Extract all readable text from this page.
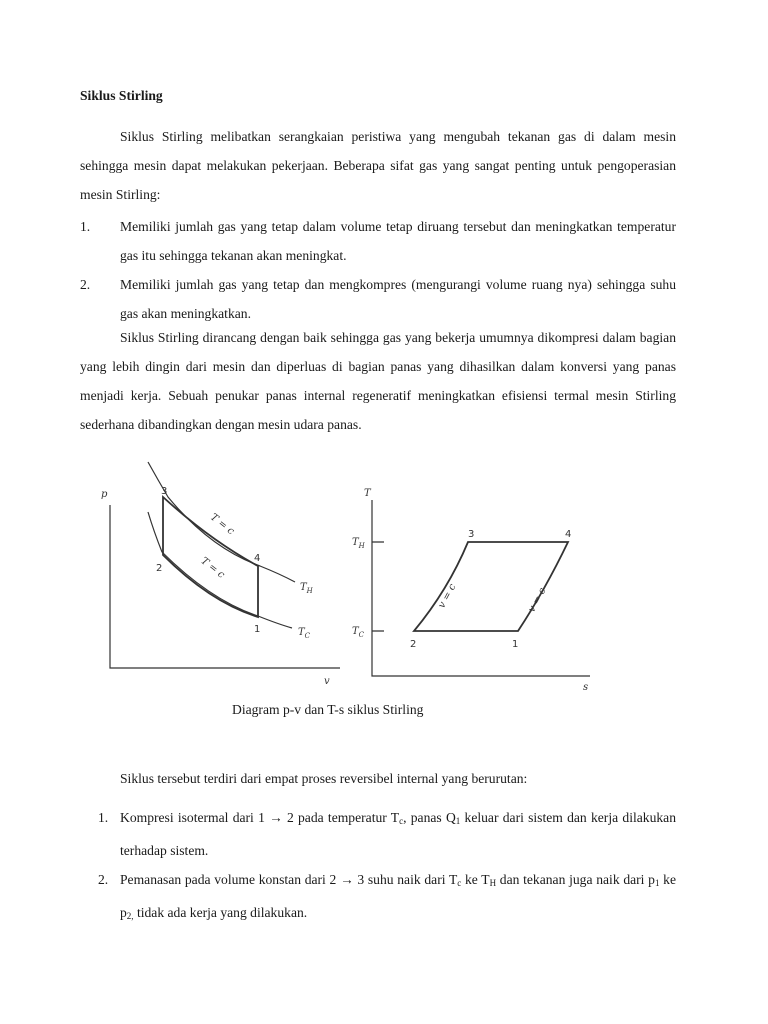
Siklus Stirling

Siklus Stirling melibatkan serangkaian peristiwa yang mengubah tekanan gas di dalam mesin sehingga mesin dapat melakukan pekerjaan. Beberapa sifat gas yang sangat penting untuk pengoperasian mesin Stirling:

1. Memiliki jumlah gas yang tetap dalam volume tetap diruang tersebut dan meningkatkan temperatur gas itu sehingga tekanan akan meningkat.
2. Memiliki jumlah gas yang tetap dan mengkompres (mengurangi volume ruang nya) sehingga suhu gas akan meningkatkan.

Siklus Stirling dirancang dengan baik sehingga gas yang bekerja umumnya dikompresi dalam bagian yang lebih dingin dari mesin dan diperluas di bagian panas yang dihasilkan dalam konversi yang panas menjadi kerja. Sebuah penukar panas internal regeneratif meningkatkan efisiensi termal mesin Stirling sederhana dibandingkan dengan mesin udara panas.

p
v
3
2
4
1
T = c
T = c
$T_H$
$T_C$
T
s
$T_H$
$T_C$
3	4
2	1
v = c	v = c
Diagram p-v dan T-s siklus Stirling

Siklus tersebut terdiri dari empat proses reversibel internal yang berurutan:

1. Kompresi isotermal dari 1 → 2 pada temperatur $T_c$, panas $Q_1$ keluar dari sistem dan kerja dilakukan terhadap sistem.
2. Pemanasan pada volume konstan dari 2 → 3 suhu naik dari $T_c$ ke $T_H$ dan tekanan juga naik dari $p_1$ ke $p_{2,}$ tidak ada kerja yang dilakukan.
